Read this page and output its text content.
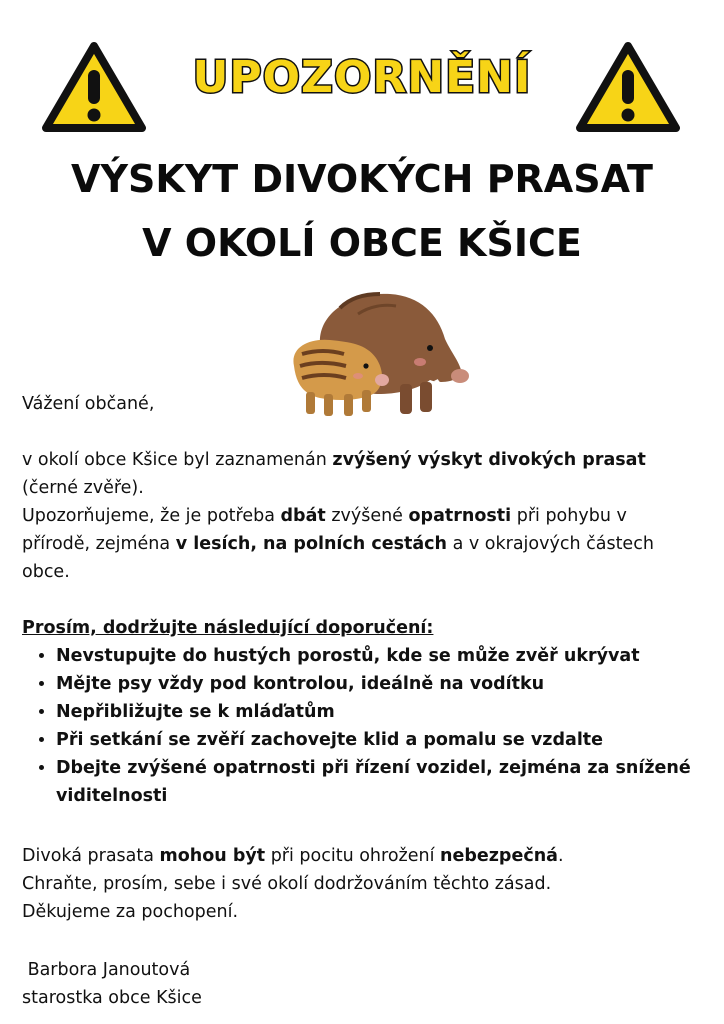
UPOZORNĚNÍ
VÝSKYT DIVOKÝCH PRASAT
V OKOLÍ OBCE KŠICE
Vážení občané,
v okolí obce Kšice byl zaznamenán zvýšený výskyt divokých prasat
(černé zvěře).
Upozorňujeme, že je potřeba dbát zvýšené opatrnosti při pohybu v
přírodě, zejména v lesích, na polních cestách a v okrajových částech
obce.
Prosím, dodržujte následující doporučení:
• Nevstupujte do hustých porostů, kde se může zvěř ukrývat
• Mějte psy vždy pod kontrolou, ideálně na vodítku
• Nepřibližujte se k mláďatům
• Při setkání se zvěří zachovejte klid a pomalu se vzdalte
• Dbejte zvýšené opatrnosti při řízení vozidel, zejména za snížené viditelnosti
Divoká prasata mohou být při pocitu ohrožení nebezpečná.
Chraňte, prosím, sebe i své okolí dodržováním těchto zásad.
Děkujeme za pochopení.
Barbora Janoutová
starostka obce Kšice
